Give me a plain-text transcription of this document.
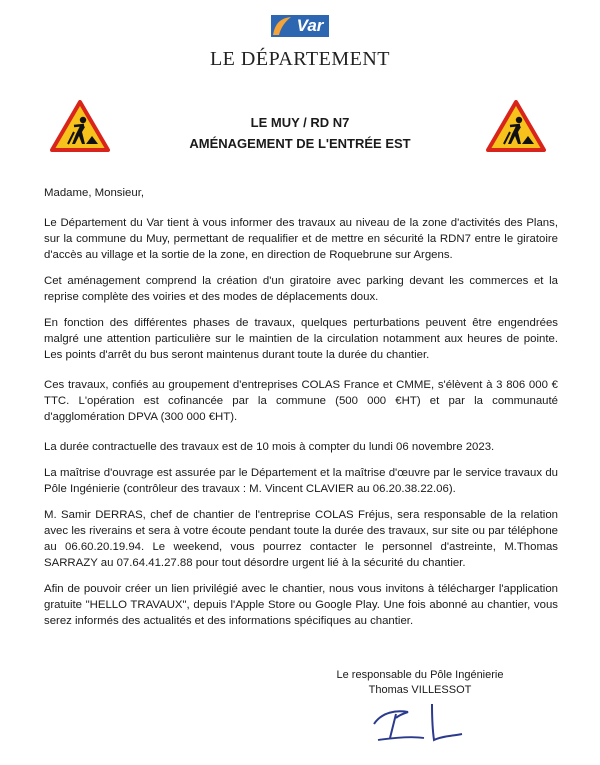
Var
LE DÉPARTEMENT
LE MUY / RD N7
AMÉNAGEMENT DE L'ENTRÉE EST

Madame, Monsieur,

Le Département du Var tient à vous informer des travaux au niveau de la zone d'activités des Plans, sur la commune du Muy, permettant de requalifier et de mettre en sécurité la RDN7 entre le giratoire d'accès au village et la sortie de la zone, en direction de Roquebrune sur Argens.

Cet aménagement comprend la création d'un giratoire avec parking devant les commerces et la reprise complète des voiries et des modes de déplacements doux.

En fonction des différentes phases de travaux, quelques perturbations peuvent être engendrées malgré une attention particulière sur le maintien de la circulation notamment aux heures de pointe. Les points d'arrêt du bus seront maintenus durant toute la durée du chantier.

Ces travaux, confiés au groupement d'entreprises COLAS France et CMME, s'élèvent à 3 806 000 € TTC. L'opération est cofinancée par la commune (500 000 €HT) et par la communauté d'agglomération DPVA (300 000 €HT).

La durée contractuelle des travaux est de 10 mois à compter du lundi 06 novembre 2023.

La maîtrise d'ouvrage est assurée par le Département et la maîtrise d'œuvre par le service travaux du Pôle Ingénierie (contrôleur des travaux : M. Vincent CLAVIER au 06.20.38.22.06).

M. Samir DERRAS, chef de chantier de l'entreprise COLAS Fréjus, sera responsable de la relation avec les riverains et sera à votre écoute pendant toute la durée des travaux, sur site ou par téléphone au 06.60.20.19.94. Le weekend, vous pourrez contacter le personnel d'astreinte, M.Thomas SARRAZY au 07.64.41.27.88 pour tout désordre urgent lié à la sécurité du chantier.

Afin de pouvoir créer un lien privilégié avec le chantier, nous vous invitons à télécharger l'application gratuite "HELLO TRAVAUX", depuis l'Apple Store ou Google Play. Une fois abonné au chantier, vous serez informés des actualités et des informations spécifiques au chantier.

Le responsable du Pôle Ingénierie
Thomas VILLESSOT
